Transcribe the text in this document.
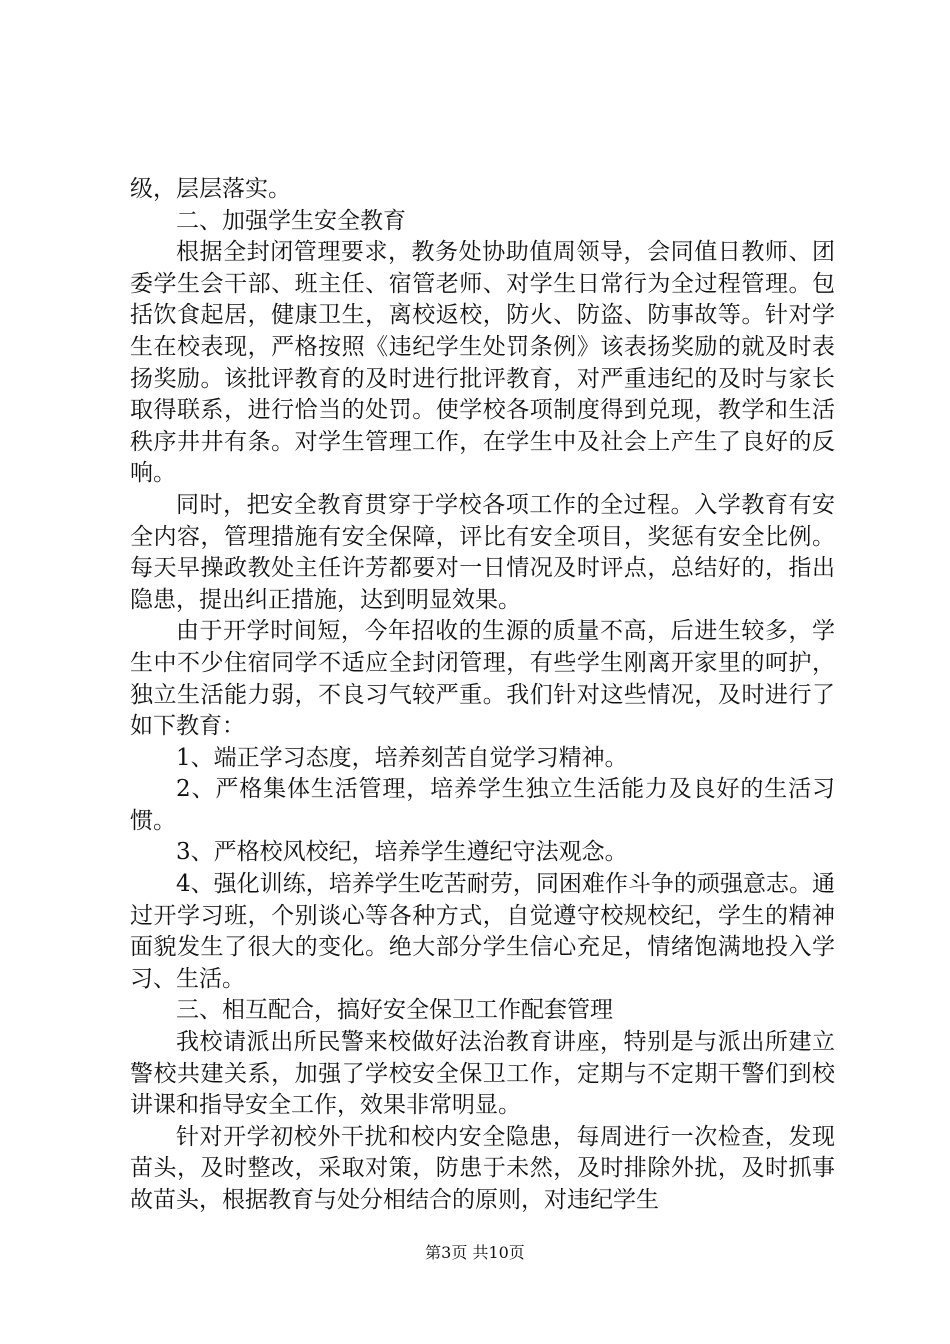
级，层层落实。

二、加强学生安全教育

根据全封闭管理要求，教务处协助值周领导，会同值日教师、团委学生会干部、班主任、宿管老师、对学生日常行为全过程管理。包括饮食起居，健康卫生，离校返校，防火、防盗、防事故等。针对学生在校表现，严格按照《违纪学生处罚条例》该表扬奖励的就及时表扬奖励。该批评教育的及时进行批评教育，对严重违纪的及时与家长取得联系，进行恰当的处罚。使学校各项制度得到兑现，教学和生活秩序井井有条。对学生管理工作，在学生中及社会上产生了良好的反响。

同时，把安全教育贯穿于学校各项工作的全过程。入学教育有安全内容，管理措施有安全保障，评比有安全项目，奖惩有安全比例。每天早操政教处主任许芳都要对一日情况及时评点，总结好的，指出隐患，提出纠正措施，达到明显效果。

由于开学时间短，今年招收的生源的质量不高，后进生较多，学生中不少住宿同学不适应全封闭管理，有些学生刚离开家里的呵护，独立生活能力弱，不良习气较严重。我们针对这些情况，及时进行了如下教育：

1、端正学习态度，培养刻苦自觉学习精神。

2、严格集体生活管理，培养学生独立生活能力及良好的生活习惯。

3、严格校风校纪，培养学生遵纪守法观念。

4、强化训练，培养学生吃苦耐劳，同困难作斗争的顽强意志。通过开学习班，个别谈心等各种方式，自觉遵守校规校纪，学生的精神面貌发生了很大的变化。绝大部分学生信心充足，情绪饱满地投入学习、生活。

三、相互配合，搞好安全保卫工作配套管理

我校请派出所民警来校做好法治教育讲座，特别是与派出所建立警校共建关系，加强了学校安全保卫工作，定期与不定期干警们到校讲课和指导安全工作，效果非常明显。

针对开学初校外干扰和校内安全隐患，每周进行一次检查，发现苗头，及时整改，采取对策，防患于未然，及时排除外扰，及时抓事故苗头，根据教育与处分相结合的原则，对违纪学生

第3页 共10页
